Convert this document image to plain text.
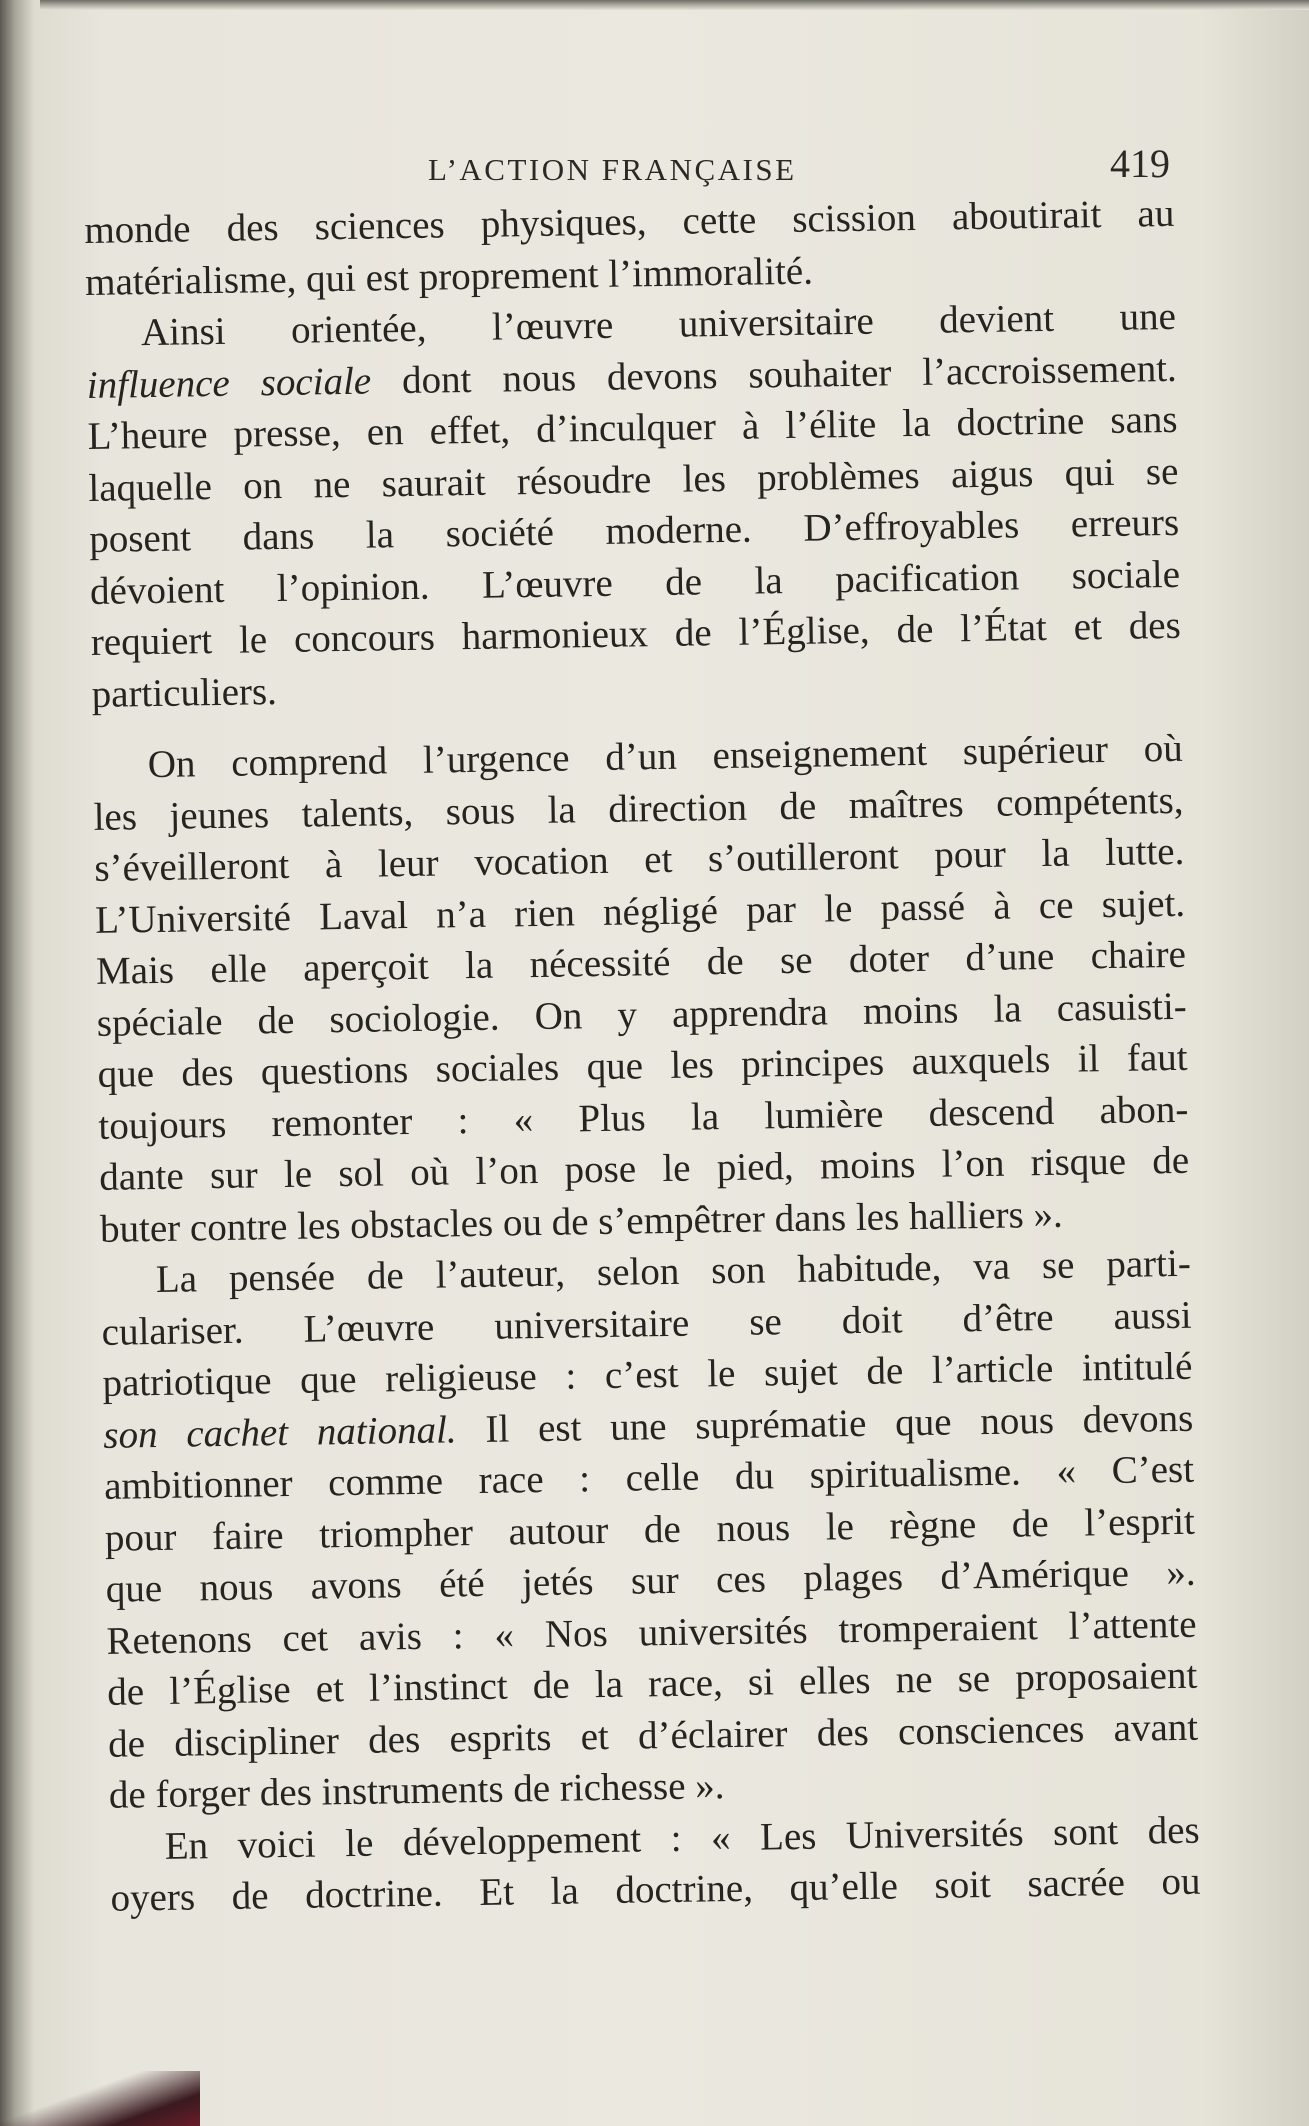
L’ACTION FRANÇAISE	419
monde des sciences physiques, cette scission aboutirait au
matérialisme, qui est proprement l’immoralité.
Ainsi orientée, l’œuvre universitaire devient une
influence sociale dont nous devons souhaiter l’accroissement.
L’heure presse, en effet, d’inculquer à l’élite la doctrine sans
laquelle on ne saurait résoudre les problèmes aigus qui se
posent dans la société moderne. D’effroyables erreurs
dévoient l’opinion. L’œuvre de la pacification sociale
requiert le concours harmonieux de l’Église, de l’État et des
particuliers.
On comprend l’urgence d’un enseignement supérieur où
les jeunes talents, sous la direction de maîtres compétents,
s’éveilleront à leur vocation et s’outilleront pour la lutte.
L’Université Laval n’a rien négligé par le passé à ce sujet.
Mais elle aperçoit la nécessité de se doter d’une chaire
spéciale de sociologie. On y apprendra moins la casuisti-
que des questions sociales que les principes auxquels il faut
toujours remonter : « Plus la lumière descend abon-
dante sur le sol où l’on pose le pied, moins l’on risque de
buter contre les obstacles ou de s’empêtrer dans les halliers ».
La pensée de l’auteur, selon son habitude, va se parti-
culariser. L’œuvre universitaire se doit d’être aussi
patriotique que religieuse : c’est le sujet de l’article intitulé
son cachet national. Il est une suprématie que nous devons
ambitionner comme race : celle du spiritualisme. « C’est
pour faire triompher autour de nous le règne de l’esprit
que nous avons été jetés sur ces plages d’Amérique ».
Retenons cet avis : « Nos universités tromperaient l’attente
de l’Église et l’instinct de la race, si elles ne se proposaient
de discipliner des esprits et d’éclairer des consciences avant
de forger des instruments de richesse ».
En voici le développement : « Les Universités sont des
oyers de doctrine. Et la doctrine, qu’elle soit sacrée ou
